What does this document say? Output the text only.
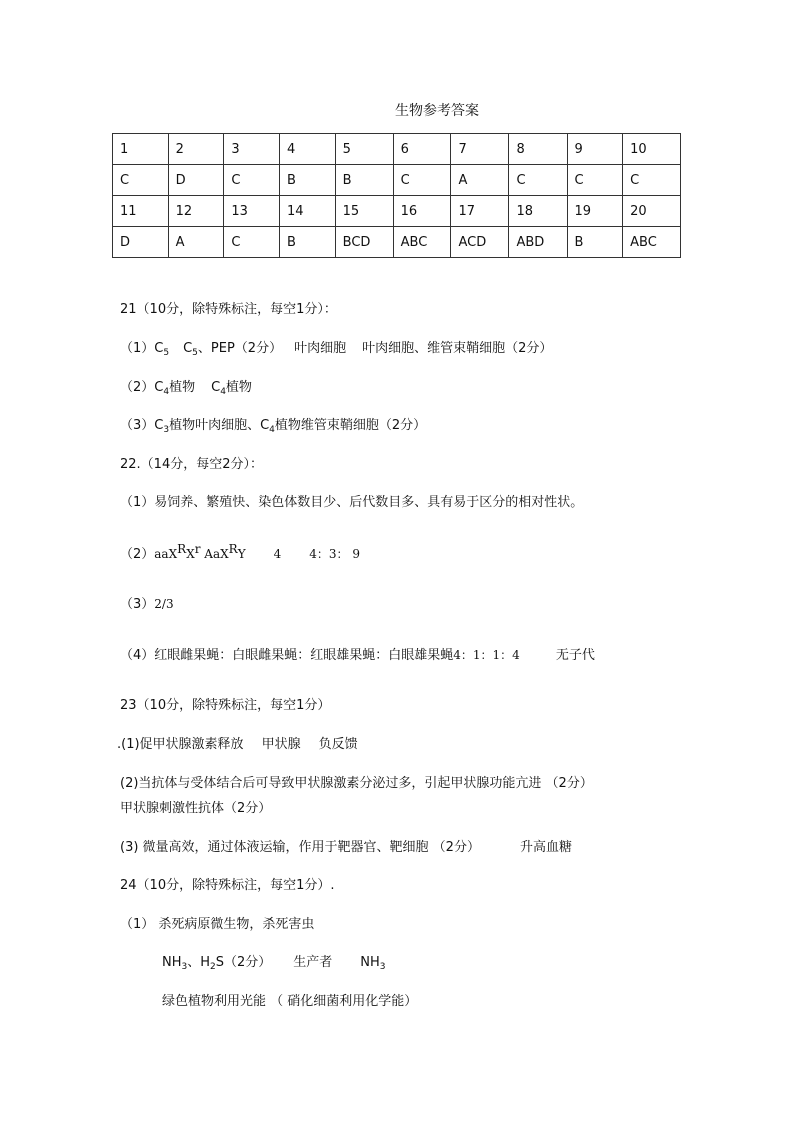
生物参考答案
1	2	3	4	5	6	7	8	9	10
C	D	C	B	B	C	A	C	C	C
11	12	13	14	15	16	17	18	19	20
D	A	C	B	BCD	ABC	ACD	ABD	B	ABC
21（10分，除特殊标注，每空1分）：
$(1)C_5$ $C_5$、PEP（2分） 叶肉细胞 叶肉细胞、维管束鞘细胞（2分）
$(2)C_4$植物 $C_4$植物
$(3)C_3$植物叶肉细胞、$C_4$植物维管束鞘细胞（2分）
22.（14分，每空2分）：
（1）易饲养、繁殖快、染色体数目少、后代数目多、具有易于区分的相对性状。
$(2)aaX^RX^r$ AaX$^R$Y 4 4：3： 9
（3）2/3
（4）红眼雌果蝇：白眼雌果蝇：红眼雄果蝇：白眼雄果蝇4：1：1：4	无子代
23（10分，除特殊标注，每空1分）
.(1)促甲状腺激素释放 甲状腺 负反馈
(2)当抗体与受体结合后可导致甲状腺激素分泌过多，引起甲状腺功能亢进 （2分）
甲状腺刺激性抗体（2分）
(3) 微量高效，通过体液运输，作用于靶器官、靶细胞 （2分）	升高血糖
24（10分，除特殊标注，每空1分）.
（1） 杀死病原微生物，杀死害虫
$NH_3$、$H_2S(2$分） 生产者 $NH_3$
绿色植物利用光能 （ 硝化细菌利用化学能）
